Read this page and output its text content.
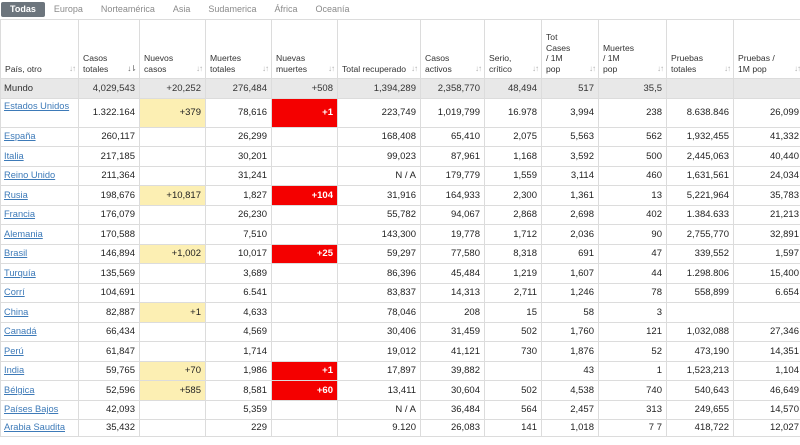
Todas	Europa	Norteamérica	Asia	Sudamerica	África	Oceanía
País, otro ↓↑	Casos totales ↓⇂	Nuevos casos ↓↑	Muertes totales ↓↑	Nuevas muertes ↓↑	Total recuperado ↓↑	Casos activos ↓↑	Serio, crítico ↓↑	Tot Cases / 1M pop ↓↑	Muertes / 1M pop ↓↑	Pruebas totales ↓↑	Pruebas / 1M pop ↓↑

Mundo	4,029,543	+20,252	276,484	+508	1,394,289	2,358,770	48,494	517	35,5		
Estados Unidos	1.322.164	+379	78,616	+1	223,749	1,019,799	16.978	3,994	238	8.638.846	26,099
España	260,117		26,299		168,408	65,410	2,075	5,563	562	1,932,455	41,332
Italia	217,185		30,201		99,023	87,961	1,168	3,592	500	2,445,063	40,440
Reino Unido	211,364		31,241		N / A	179,779	1,559	3,114	460	1,631,561	24,034
Rusia	198,676	+10,817	1,827	+104	31,916	164,933	2,300	1,361	13	5,221,964	35,783
Francia	176,079		26,230		55,782	94,067	2,868	2,698	402	1.384.633	21,213
Alemania	170,588		7,510		143,300	19,778	1,712	2,036	90	2,755,770	32,891
Brasil	146,894	+1,002	10,017	+25	59,297	77,580	8,318	691	47	339,552	1,597
Turquía	135,569		3,689		86,396	45,484	1,219	1,607	44	1.298.806	15,400
Corrí	104,691		6.541		83,837	14,313	2,711	1,246	78	558,899	6.654
China	82,887	+1	4,633		78,046	208	15	58	3		
Canadá	66,434		4,569		30,406	31,459	502	1,760	121	1,032,088	27,346
Perú	61,847		1,714		19,012	41,121	730	1,876	52	473,190	14,351
India	59,765	+70	1,986	+1	17,897	39,882		43	1	1,523,213	1,104
Bélgica	52,596	+585	8,581	+60	13,411	30,604	502	4,538	740	540,643	46,649
Países Bajos	42,093		5,359		N / A	36,484	564	2,457	313	249,655	14,570
Arabia Saudita	35,432		229		9.120	26,083	141	1,018	7 7	418,722	12,027
